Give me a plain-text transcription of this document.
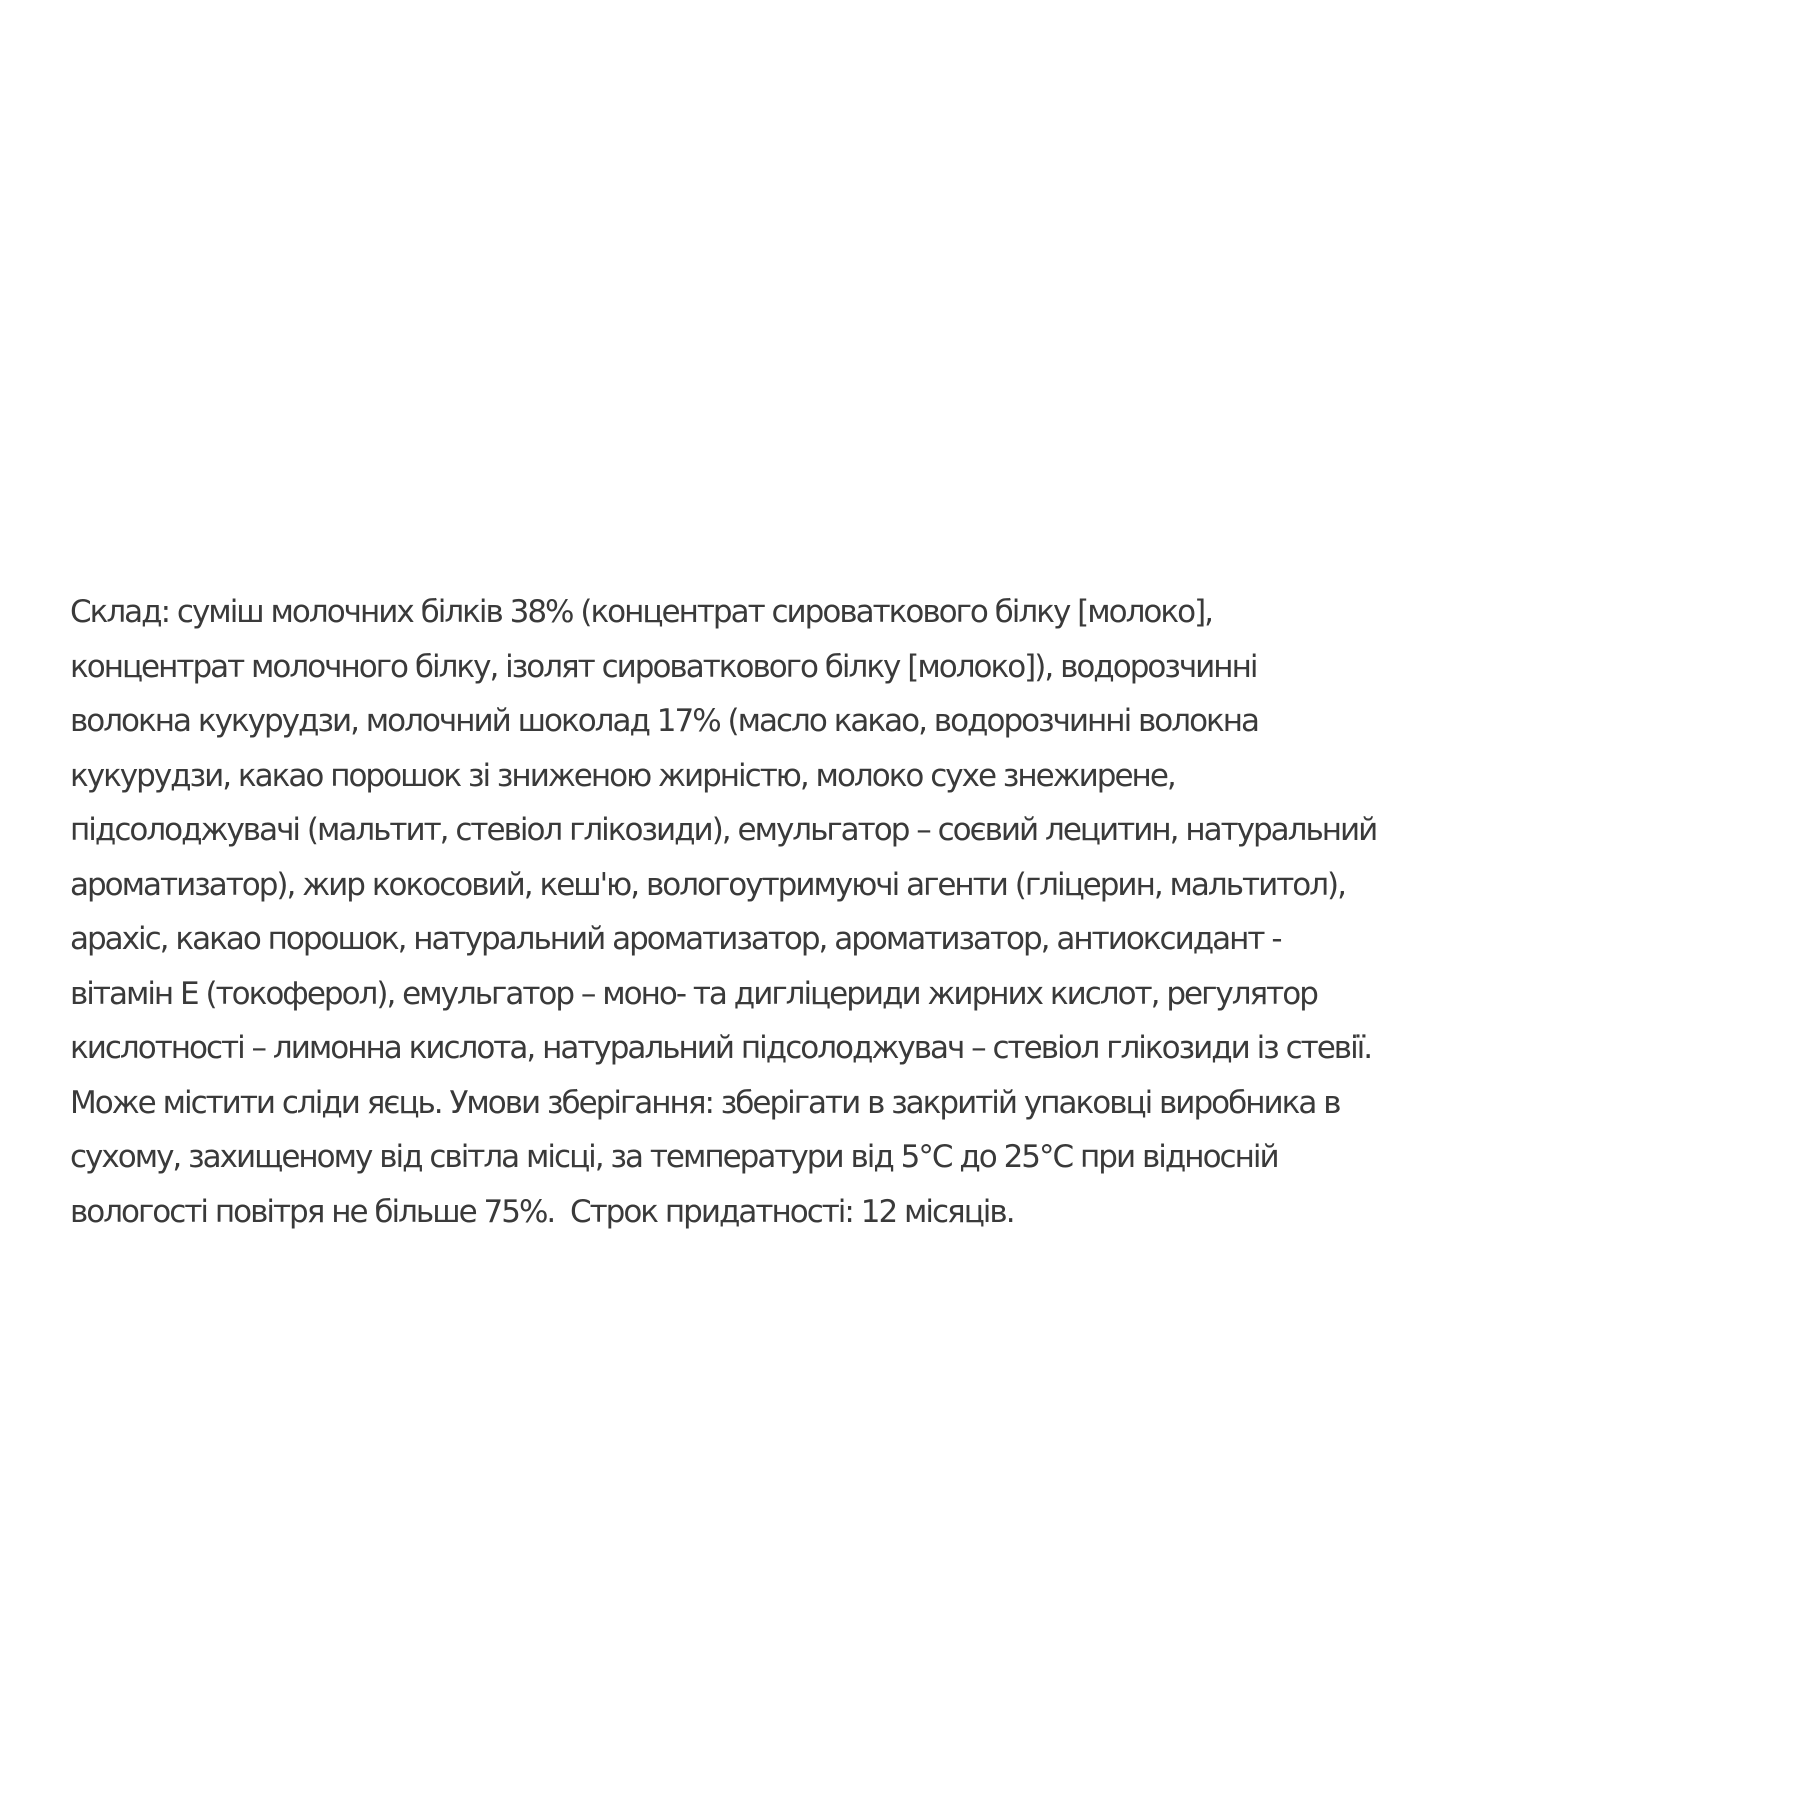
Склад: суміш молочних білків 38% (концентрат сироваткового білку [молоко],
концентрат молочного білку, ізолят сироваткового білку [молоко]), водорозчинні
волокна кукурудзи, молочний шоколад 17% (масло какао, водорозчинні волокна
кукурудзи, какао порошок зі зниженою жирністю, молоко сухе знежирене,
підсолоджувачі (мальтит, стевіол глікозиди), емульгатор – соєвий лецитин, натуральний
ароматизатор), жир кокосовий, кеш'ю, вологоутримуючі агенти (гліцерин, мальтитол),
арахіс, какао порошок, натуральний ароматизатор, ароматизатор, антиоксидант -
вітамін Е (токоферол), емульгатор – моно- та дигліцериди жирних кислот, регулятор
кислотності – лимонна кислота, натуральний підсолоджувач – стевіол глікозиди із стевії.
Може містити сліди яєць. Умови зберігання: зберігати в закритій упаковці виробника в
сухому, захищеному від світла місці, за температури від 5°C до 25°C при відносній
вологості повітря не більше 75%.  Строк придатності: 12 місяців.
